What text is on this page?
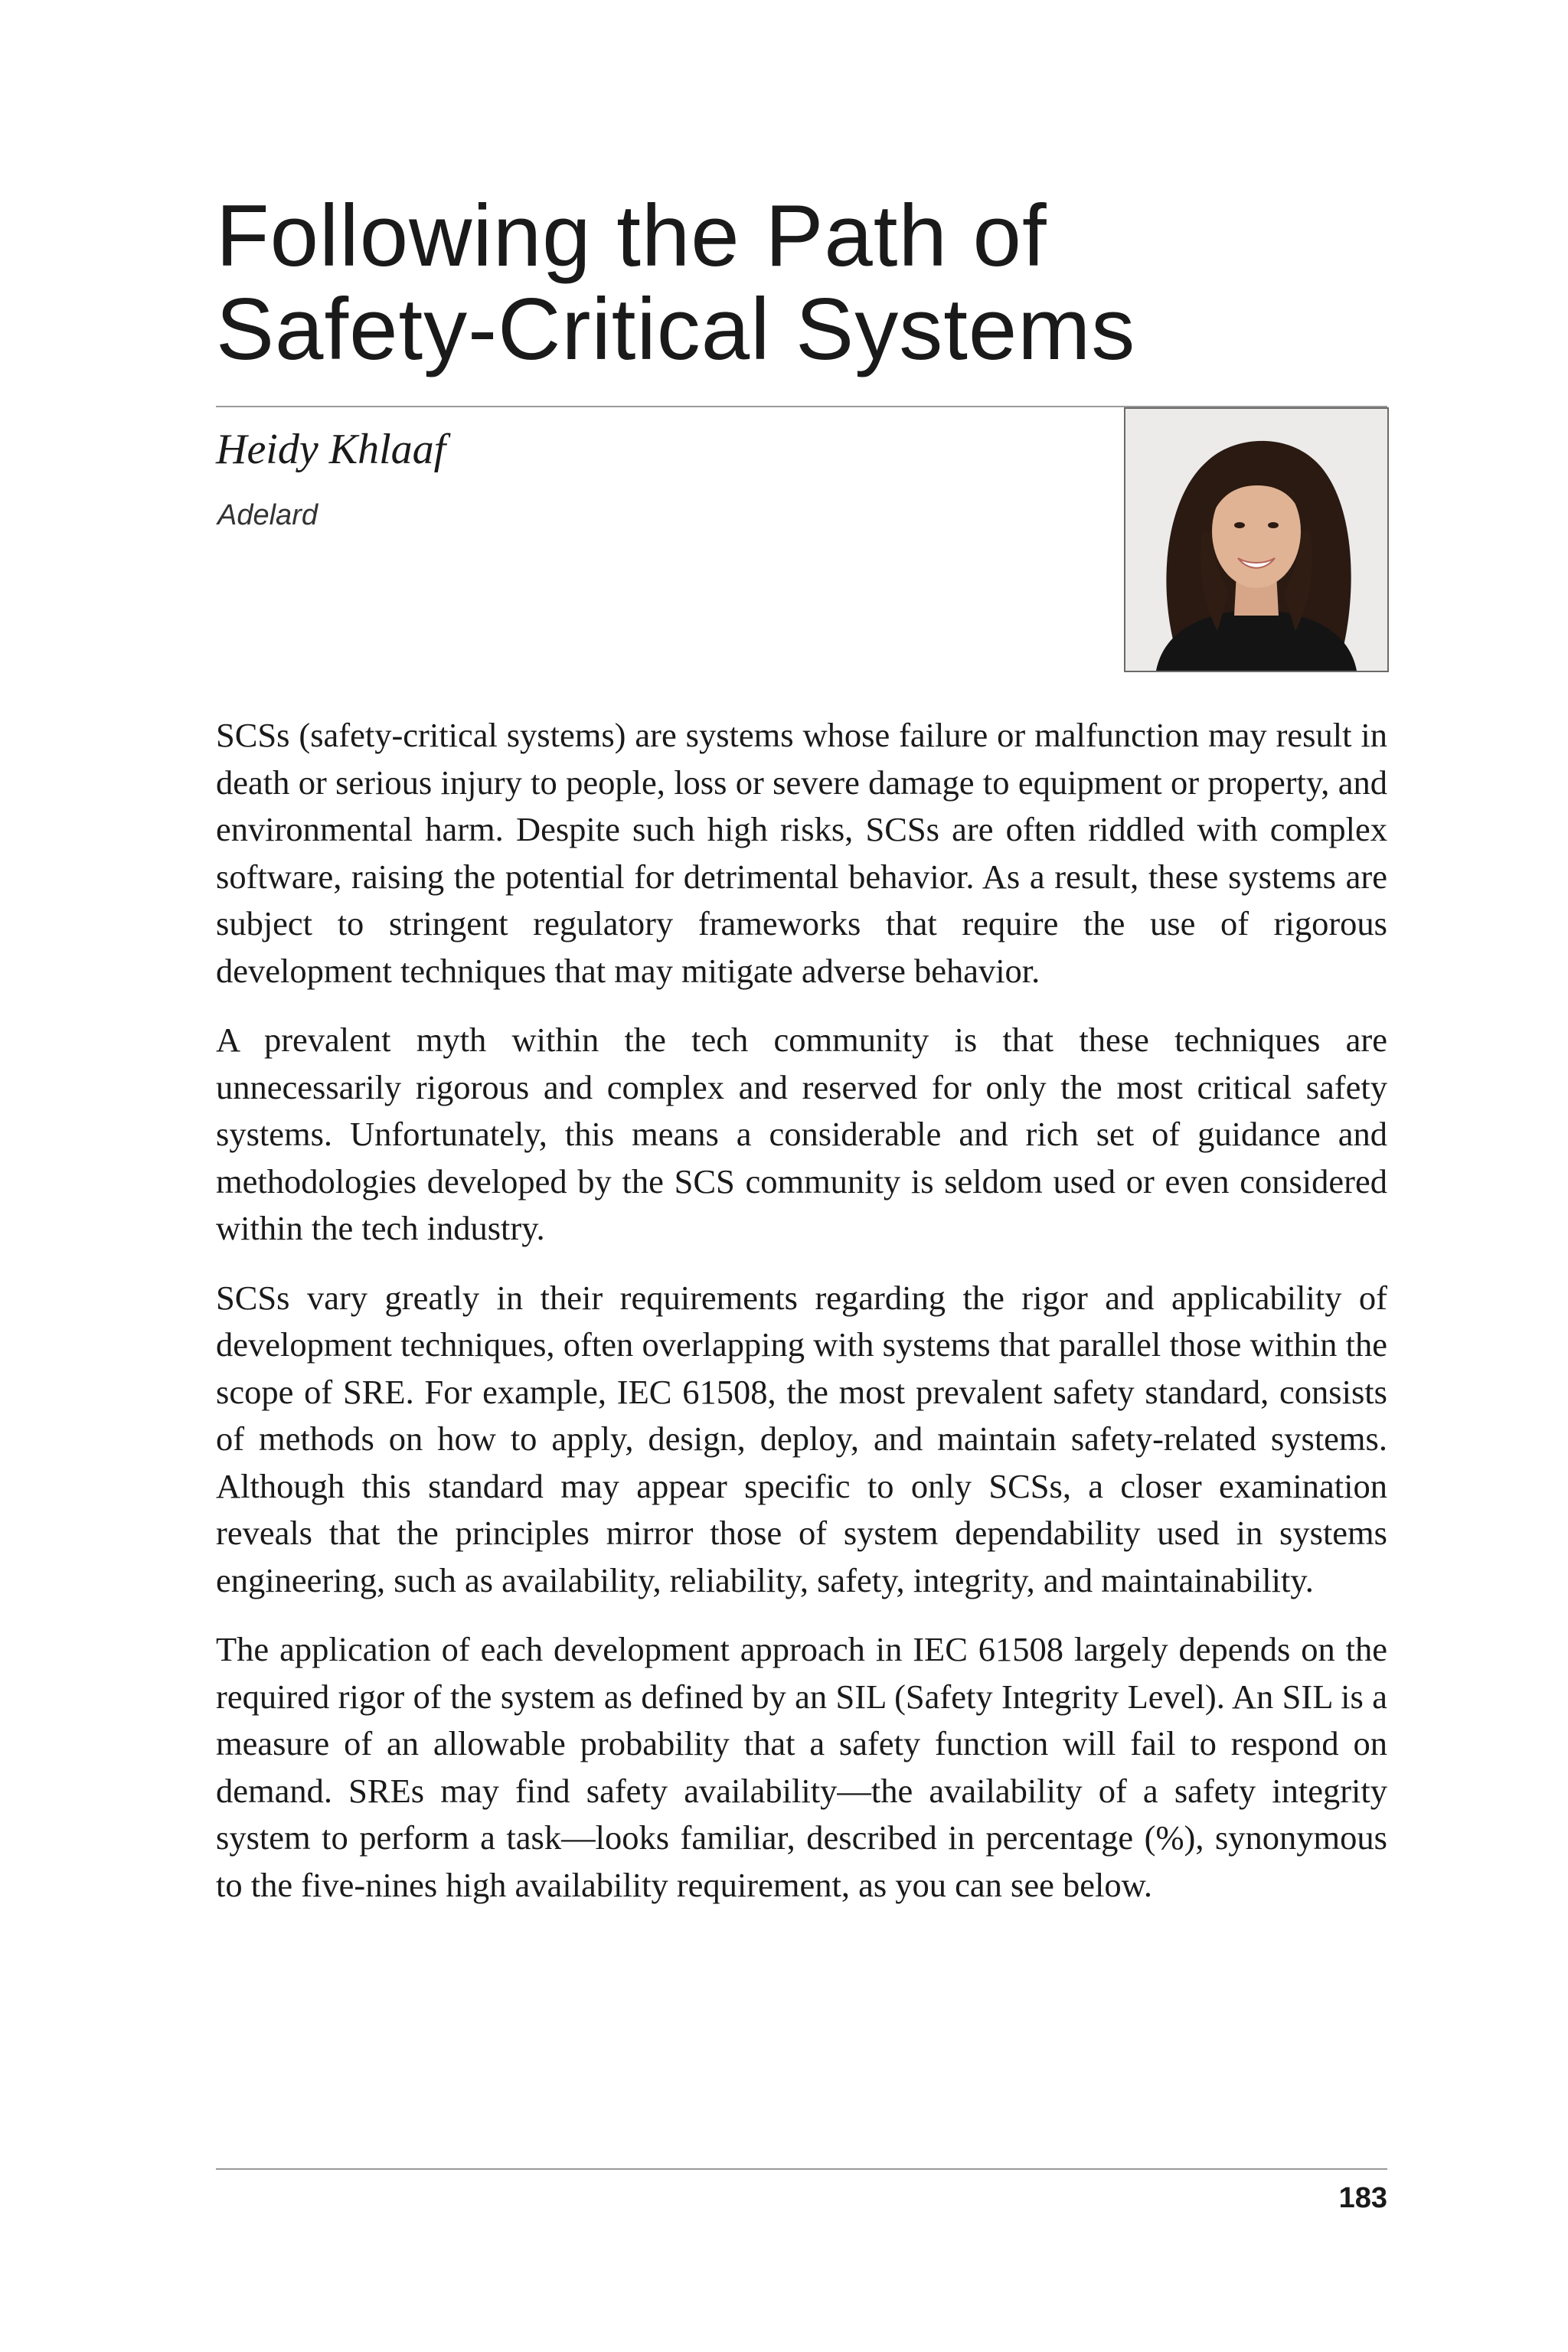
Following the Path of
Safety-Critical Systems
Heidy Khlaaf
Adelard

SCSs (safety-critical systems) are systems whose failure or malfunction may result in death or serious injury to people, loss or severe damage to equipment or property, and environmental harm. Despite such high risks, SCSs are often riddled with complex software, raising the potential for detrimental behavior. As a result, these systems are subject to stringent regulatory frameworks that require the use of rigorous development techniques that may mitigate adverse behavior.

A prevalent myth within the tech community is that these techniques are unnecessarily rigorous and complex and reserved for only the most critical safety systems. Unfortunately, this means a considerable and rich set of guidance and methodologies developed by the SCS community is seldom used or even considered within the tech industry.

SCSs vary greatly in their requirements regarding the rigor and applicability of development techniques, often overlapping with systems that parallel those within the scope of SRE. For example, IEC 61508, the most prevalent safety standard, consists of methods on how to apply, design, deploy, and maintain safety-related systems. Although this standard may appear specific to only SCSs, a closer examination reveals that the principles mirror those of system dependability used in systems engineering, such as availability, reliability, safety, integrity, and maintainability.

The application of each development approach in IEC 61508 largely depends on the required rigor of the system as defined by an SIL (Safety Integrity Level). An SIL is a measure of an allowable probability that a safety function will fail to respond on demand. SREs may find safety availability—the availability of a safety integrity system to perform a task—looks familiar, described in percentage (%), synonymous to the five-nines high availability requirement, as you can see below.

183
